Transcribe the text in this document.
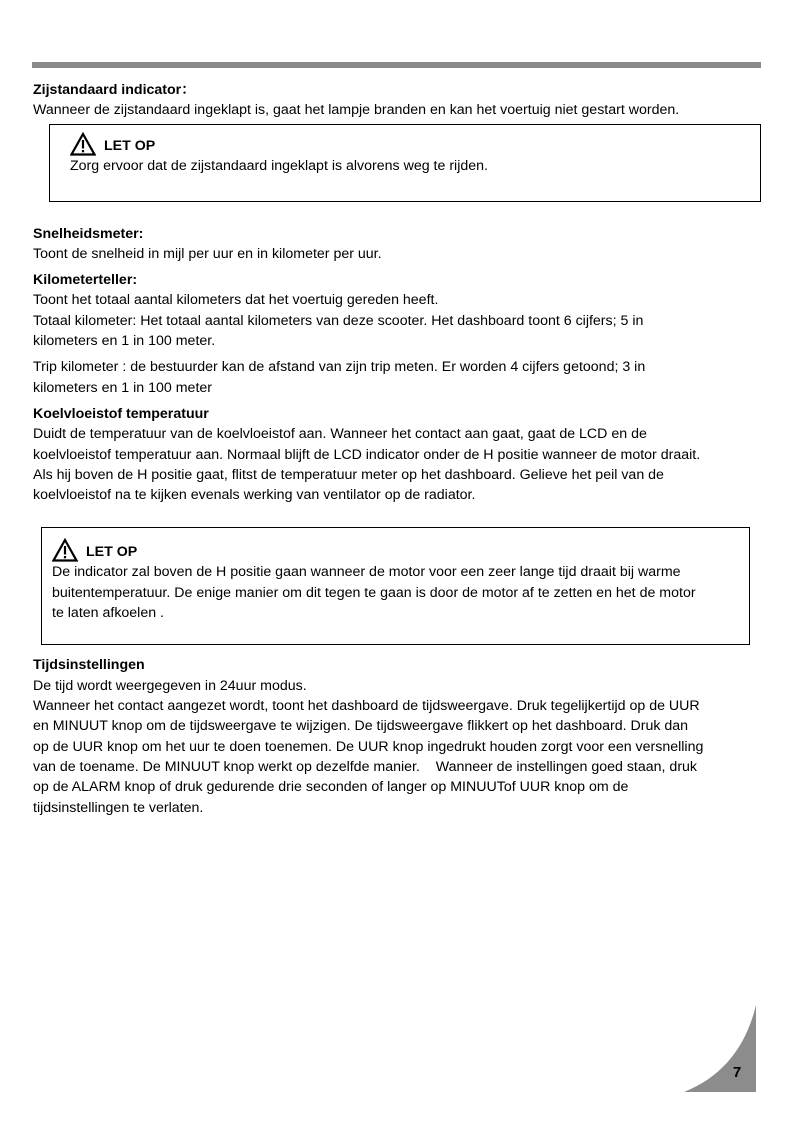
Zijstandaard indicator：

Wanneer de zijstandaard ingeklapt is, gaat het lampje branden en kan het voertuig niet gestart worden.

LET OP

Zorg ervoor dat de zijstandaard ingeklapt is alvorens weg te rijden.

Snelheidsmeter:

Toont de snelheid in mijl per uur en in kilometer per uur.

Kilometerteller:

Toont het totaal aantal kilometers dat het voertuig gereden heeft.

Totaal kilometer: Het totaal aantal kilometers van deze scooter. Het dashboard toont 6 cijfers; 5 in

kilometers en 1 in 100 meter.

Trip kilometer : de bestuurder kan de afstand van zijn trip meten. Er worden 4 cijfers getoond; 3 in

kilometers en 1 in 100 meter

Koelvloeistof temperatuur

Duidt de temperatuur van de koelvloeistof aan. Wanneer het contact aan gaat, gaat de LCD en de

koelvloeistof temperatuur aan. Normaal blijft de LCD indicator onder de H positie wanneer de motor draait.

Als hij boven de H positie gaat, flitst de temperatuur meter op het dashboard. Gelieve het peil van de

koelvloeistof na te kijken evenals werking van ventilator op de radiator.

LET OP

De indicator zal boven de H positie gaan wanneer de motor voor een zeer lange tijd draait bij warme

buitentemperatuur. De enige manier om dit tegen te gaan is door de motor af te zetten en het de motor

te laten afkoelen .

Tijdsinstellingen

De tijd wordt weergegeven in 24uur modus.

Wanneer het contact aangezet wordt, toont het dashboard de tijdsweergave. Druk tegelijkertijd op de UUR

en MINUUT knop om de tijdsweergave te wijzigen. De tijdsweergave flikkert op het dashboard. Druk dan

op de UUR knop om het uur te doen toenemen. De UUR knop ingedrukt houden zorgt voor een versnelling

van de toename. De MINUUT knop werkt op dezelfde manier.    Wanneer de instellingen goed staan, druk

op de ALARM knop of druk gedurende drie seconden of langer op MINUUTof UUR knop om de

tijdsinstellingen te verlaten.

7
